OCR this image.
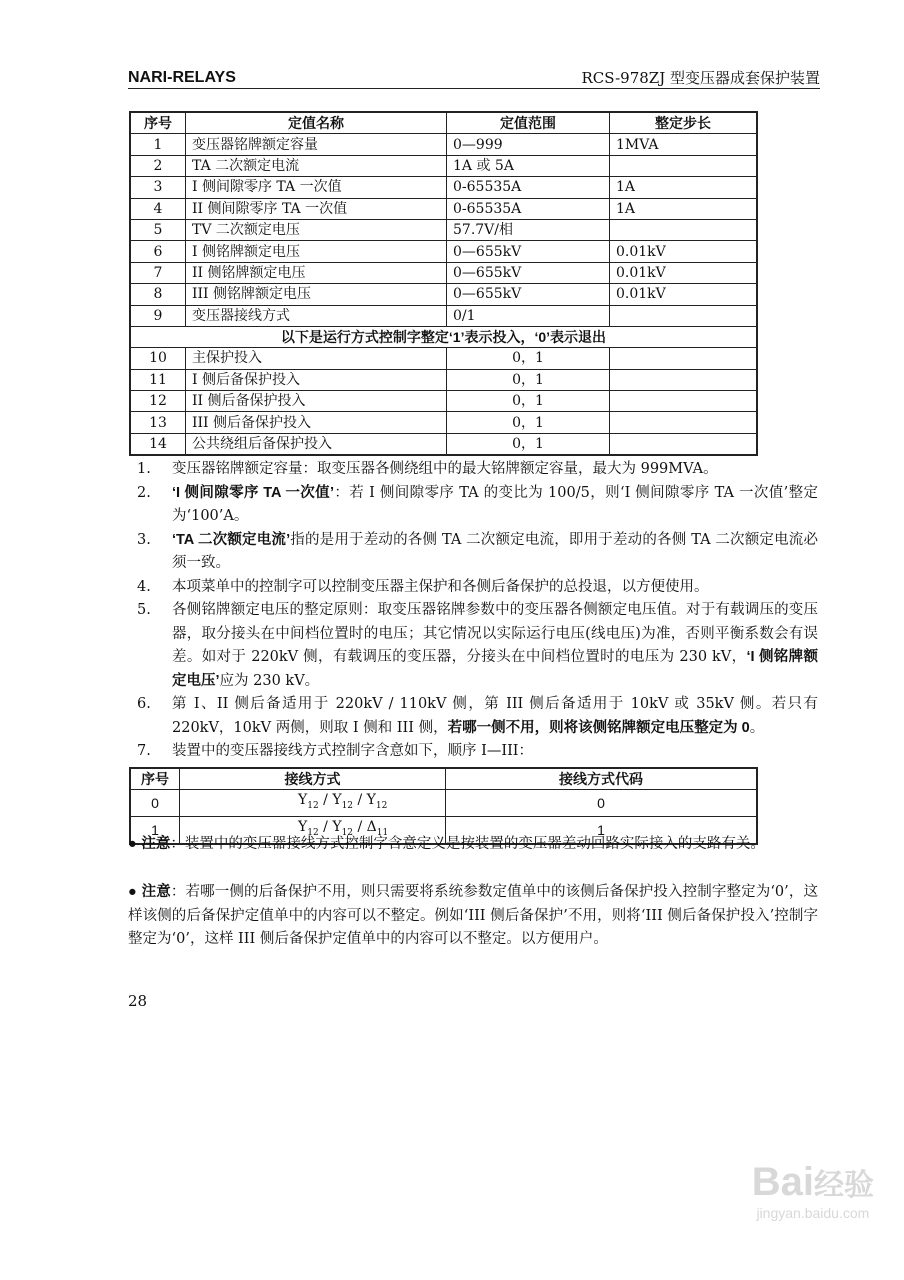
NARI-RELAYS	RCS-978ZJ 型变压器成套保护装置
序号	定值名称	定值范围	整定步长
1	变压器铭牌额定容量	0—999	1MVA
2	TA 二次额定电流	1A 或 5A	
3	I 侧间隙零序 TA 一次值	0-65535A	1A
4	II 侧间隙零序 TA 一次值	0-65535A	1A
5	TV 二次额定电压	57.7V/相	
6	I 侧铭牌额定电压	0—655kV	0.01kV
7	II 侧铭牌额定电压	0—655kV	0.01kV
8	III 侧铭牌额定电压	0—655kV	0.01kV
9	变压器接线方式	0/1	
以下是运行方式控制字整定‘1’表示投入，‘0’表示退出			
10	主保护投入	0，1	
11	I 侧后备保护投入	0，1	
12	II 侧后备保护投入	0，1	
13	III 侧后备保护投入	0，1	
14	公共绕组后备保护投入	0，1	
1.	变压器铭牌额定容量：取变压器各侧绕组中的最大铭牌额定容量，最大为 999MVA。
2.	‘I 侧间隙零序 TA 一次值’：若 I 侧间隙零序 TA 的变比为 100/5，则‘I 侧间隙零序 TA 一次值’整定为‘100’A。
3.	‘TA 二次额定电流’指的是用于差动的各侧 TA 二次额定电流，即用于差动的各侧 TA 二次额定电流必须一致。
4.	本项菜单中的控制字可以控制变压器主保护和各侧后备保护的总投退，以方便使用。
5.	各侧铭牌额定电压的整定原则：取变压器铭牌参数中的变压器各侧额定电压值。对于有载调压的变压器，取分接头在中间档位置时的电压；其它情况以实际运行电压(线电压)为准，否则平衡系数会有误差。如对于 220kV 侧，有载调压的变压器，分接头在中间档位置时的电压为 230 kV，‘I 侧铭牌额定电压’应为 230 kV。
6.	第 I、II 侧后备适用于 220kV / 110kV 侧，第 III 侧后备适用于 10kV 或 35kV 侧。若只有 220kV，10kV 两侧，则取 I 侧和 III 侧，若哪一侧不用，则将该侧铭牌额定电压整定为 0。
7.	装置中的变压器接线方式控制字含意如下，顺序 I—III：
序号	接线方式	接线方式代码
0	$Y_{12} / Y_{12} / Y_{12}$	0
1	$Y_{12} / Y_{12} / \Delta_{11}$	1
● 注意：装置中的变压器接线方式控制字含意定义是按装置的变压器差动回路实际接入的支路有关。
● 注意：若哪一侧的后备保护不用，则只需要将系统参数定值单中的该侧后备保护投入控制字整定为‘0’，这样该侧的后备保护定值单中的内容可以不整定。例如‘III 侧后备保护’不用，则将‘III 侧后备保护投入’控制字整定为‘0’，这样 III 侧后备保护定值单中的内容可以不整定。以方便用户。
28
Bai经验
jingyan.baidu.com
